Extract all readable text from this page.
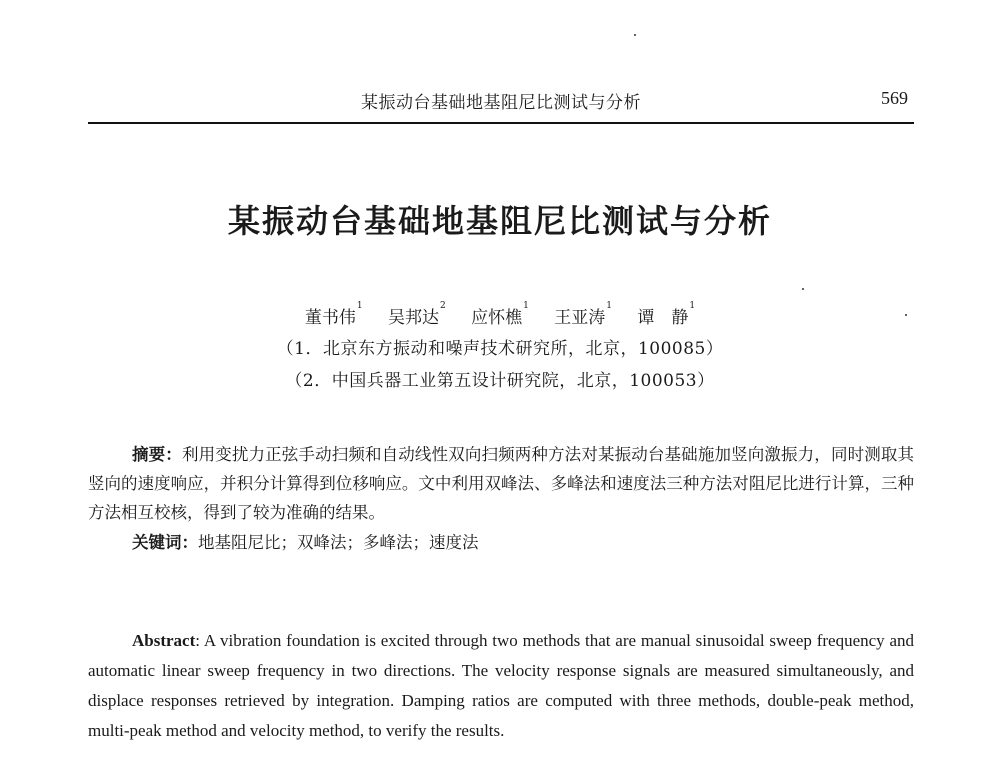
某振动台基础地基阻尼比测试与分析	569
某振动台基础地基阻尼比测试与分析
董书伟$^1$ 吴邦达$^2$ 应怀樵$^1$ 王亚涛$^1$ 谭　静$^1$
（1．北京东方振动和噪声技术研究所，北京，100085）
（2．中国兵器工业第五设计研究院，北京，100053）

摘要：利用变扰力正弦手动扫频和自动线性双向扫频两种方法对某振动台基础施加竖向激振力，同时测取其竖向的速度响应，并积分计算得到位移响应。文中利用双峰法、多峰法和速度法三种方法对阻尼比进行计算，三种方法相互校核，得到了较为准确的结果。

关键词：地基阻尼比；双峰法；多峰法；速度法

Abstract: A vibration foundation is excited through two methods that are manual sinusoidal sweep frequency and automatic linear sweep frequency in two directions. The velocity response signals are measured simultaneously, and displace responses retrieved by integration. Damping ratios are computed with three methods, double-peak method, multi-peak method and velocity method, to verify the results.
